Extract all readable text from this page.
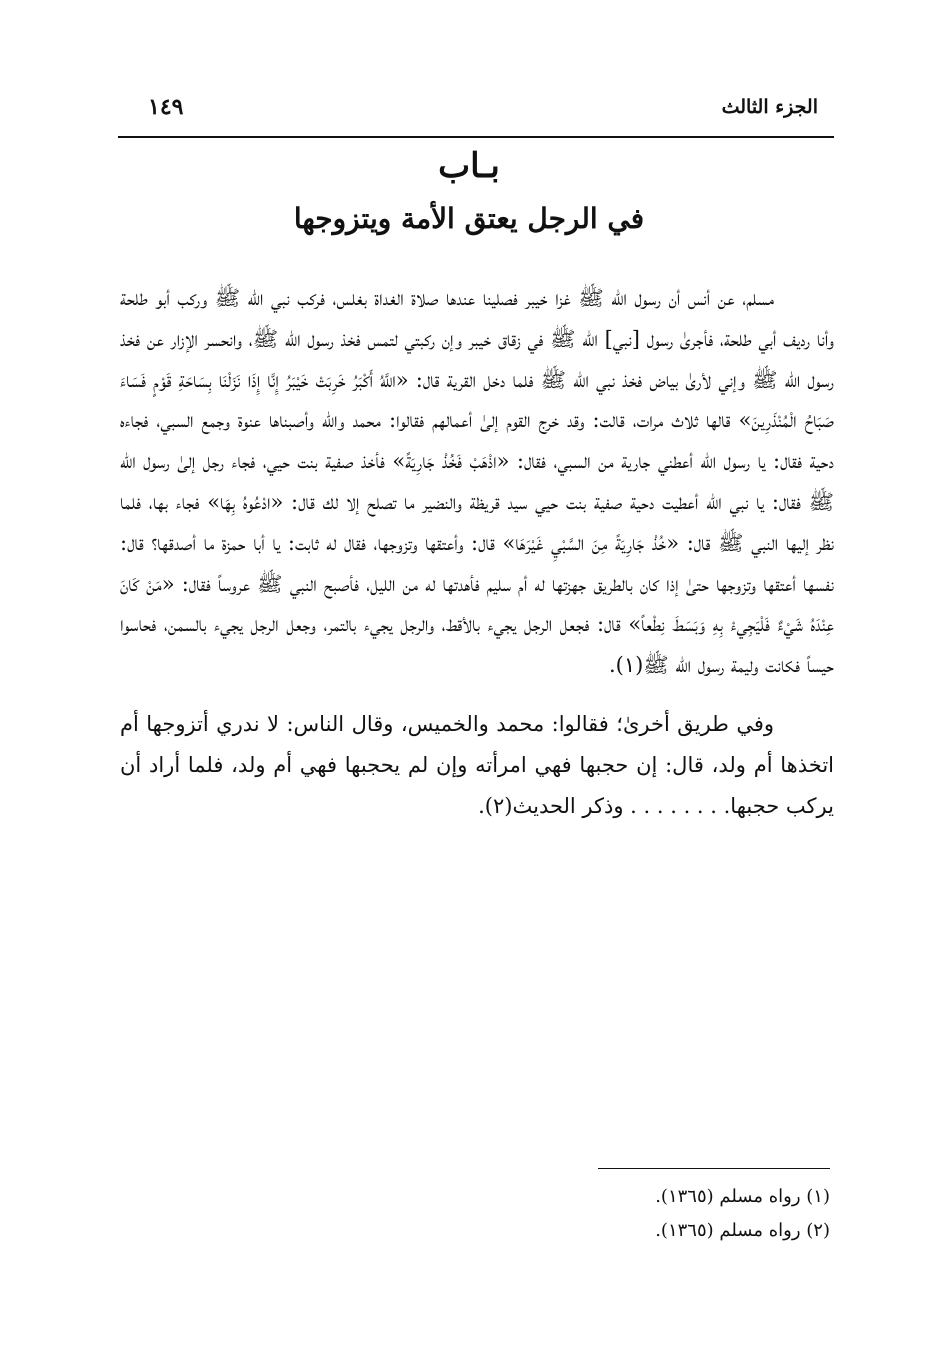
الجزء الثالث
١٤٩
بـاب
في الرجل يعتق الأمة ويتزوجها

مسلم، عن أنس أن رسول الله ﷺ غزا خيبر فصلينا عندها صلاة الغداة بغلس، فركب نبي الله ﷺ وركب أبو طلحة وأنا رديف أبي طلحة، فأجرىٰ رسول [نبي] الله ﷺ في زقاق خيبر وإن ركبتي لتمس فخذ رسول الله ﷺ، وانحسر الإزار عن فخذ رسول الله ﷺ وإني لأرىٰ بياض فخذ نبي الله ﷺ فلما دخل القرية قال: «اللَّهُ أَكْبَرُ خَرِبَتْ خَيْبَرُ إِنَّا إِذَا نَزَلْنَا بِسَاحَةِ قَوْمٍ فَسَاءَ صَبَاحُ الْمُنْذَرِينَ» قالها ثلاث مرات، قالت: وقد خرج القوم إلىٰ أعمالهم فقالوا: محمد والله وأصبناها عنوة وجمع السبي، فجاءه دحية فقال: يا رسول الله أعطني جارية من السبي، فقال: «اذْهَبْ فَخُذْ جَارِيَةً» فأخذ صفية بنت حيي، فجاء رجل إلىٰ رسول الله ﷺ فقال: يا نبي الله أعطيت دحية صفية بنت حيي سيد قريظة والنضير ما تصلح إلا لك قال: «ادْعُوهُ بِهَا» فجاء بها، فلما نظر إليها النبي ﷺ قال: «خُذْ جَارِيَةً مِنَ السَّبْيِ غَيْرَهَا» قال: وأعتقها وتزوجها، فقال له ثابت: يا أبا حمزة ما أصدقها؟ قال: نفسها أعتقها وتزوجها حتىٰ إذا كان بالطريق جهزتها له أم سليم فأهدتها له من الليل، فأصبح النبي ﷺ عروساً فقال: «مَنْ كَانَ عِنْدَهُ شَيْءٌ فَلْيَجِيءْ بِهِ وَبَسَطَ نِطْعاً» قال: فجعل الرجل يجيء بالأقط، والرجل يجيء بالتمر، وجعل الرجل يجيء بالسمن، فحاسوا حيساً فكانت وليمة رسول الله ﷺ(١).

وفي طريق أخرىٰ؛ فقالوا: محمد والخميس، وقال الناس: لا ندري أتزوجها أم اتخذها أم ولد، قال: إن حجبها فهي امرأته وإن لم يحجبها فهي أم ولد، فلما أراد أن يركب حجبها. . . . . . . . وذكر الحديث(٢).

(١) رواه مسلم (١٣٦٥).

(٢) رواه مسلم (١٣٦٥).
